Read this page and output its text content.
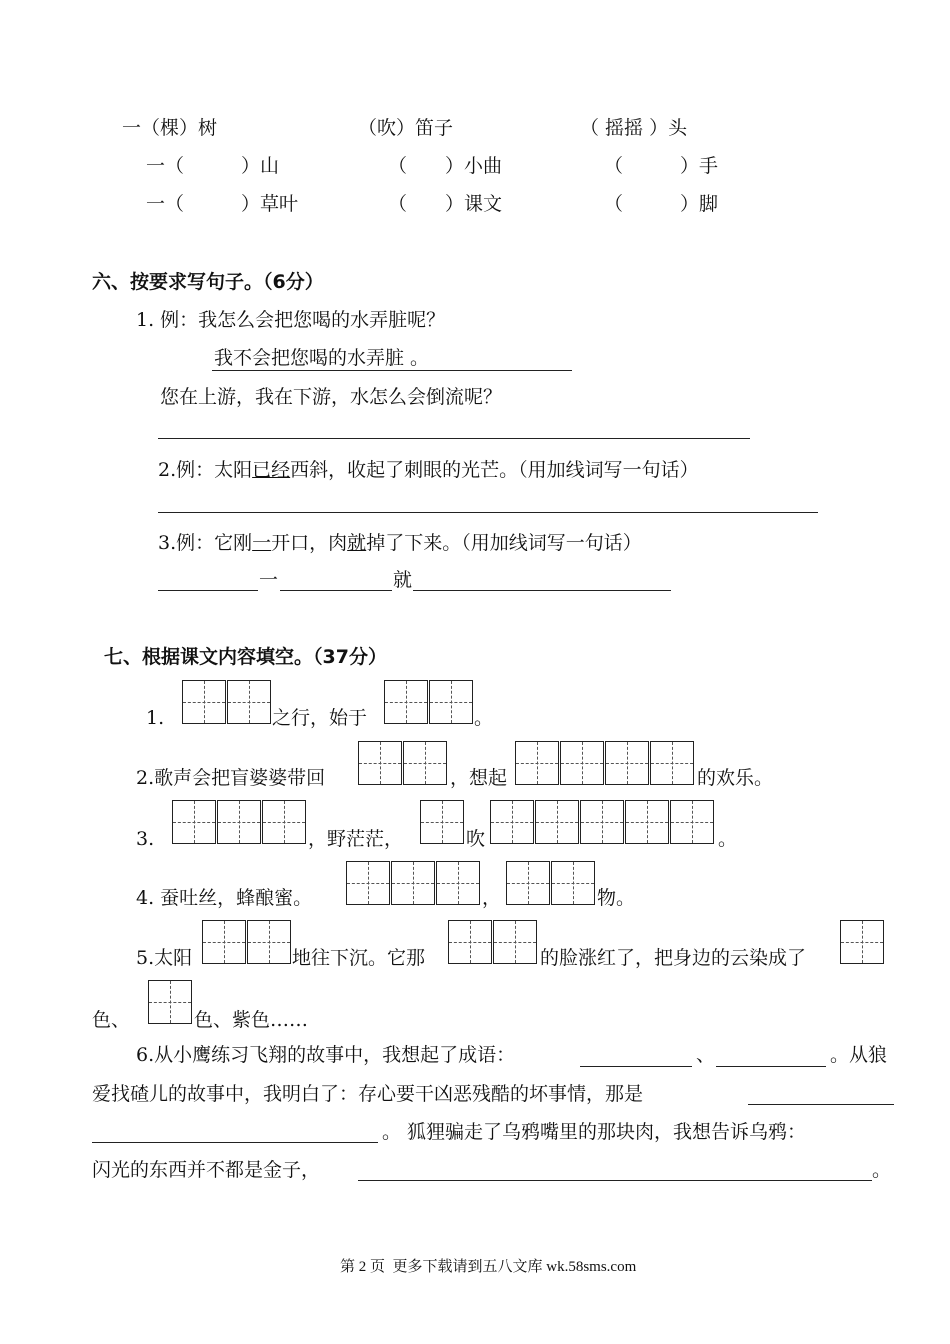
一（棵）树	（吹）笛子	（ 摇摇 ）头
一（　　　）山	（　　）小曲	（　　　）手
一（　　　）草叶	（　　）课文	（　　　）脚
六、按要求写句子。（6分）
1. 例：我怎么会把您喝的水弄脏呢？
我不会把您喝的水弄脏 。
您在上游，我在下游，水怎么会倒流呢？
2.例：太阳已经西斜，收起了刺眼的光芒。（用加线词写一句话）
3.例：它刚一开口，肉就掉了下来。（用加线词写一句话）
一	就
七、根据课文内容填空。（37分）
1.	之行，始于	。
2.歌声会把盲婆婆带回	，想起	的欢乐。
3.	，野茫茫，	吹	。
4. 蚕吐丝，蜂酿蜜。	，	物。
5.太阳	地往下沉。它那	的脸涨红了，把身边的云染成了
色、	色、紫色……
6.从小鹰练习飞翔的故事中，我想起了成语：	、	。从狼
爱找碴儿的故事中，我明白了：存心要干凶恶残酷的坏事情，那是
。 狐狸骗走了乌鸦嘴里的那块肉，我想告诉乌鸦：
闪光的东西并不都是金子，	。
第 2 页  更多下载请到五八文库 wk.58sms.com
